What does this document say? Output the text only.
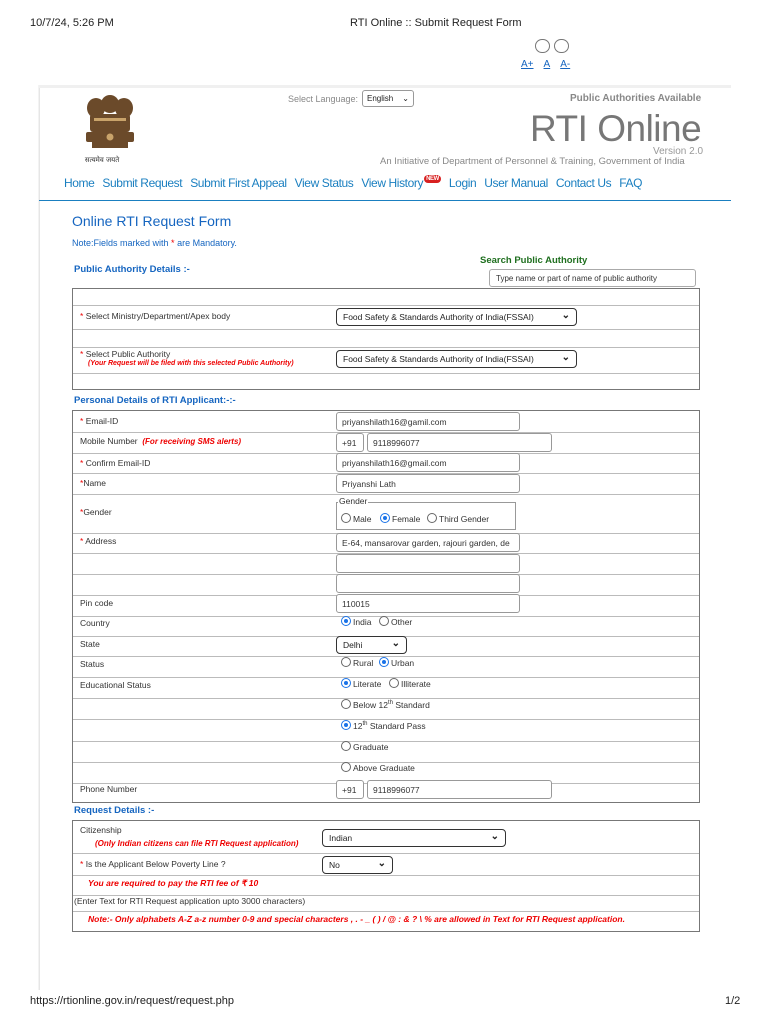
10/7/24, 5:26 PM	RTI Online :: Submit Request Form
A+ A A-
सत्यमेव जयते
Select Language:	English ⌄	Public Authorities Available
RTI Online
Version 2.0
An Initiative of Department of Personnel & Training, Government of India
Home Submit Request Submit First Appeal View Status View History NEW Login User Manual Contact Us FAQ
Online RTI Request Form
Note:Fields marked with * are Mandatory.
Public Authority Details :-
Search Public Authority
Type name or part of name of public authority
* Select Ministry/Department/Apex body	Food Safety & Standards Authority of India(FSSAI)	⌄
* Select Public Authority
(Your Request will be filed with this selected Public Authority)	Food Safety & Standards Authority of India(FSSAI)	⌄
Personal Details of RTI Applicant:-:-
* Email-ID	priyanshilath16@gamil.com
Mobile Number (For receiving SMS alerts)	+91	9118996077
* Confirm Email-ID	priyanshilath16@gmail.com
*Name	Priyanshi Lath
*Gender
Gender
Male	Female	Third Gender
* Address	E-64, mansarovar garden, rajouri garden, de
Pin code	110015
Country	India	Other
State	Delhi	⌄
Status	Rural	Urban
Educational Status	Literate	Illiterate
Below 12th Standard
12th Standard Pass
Graduate
Above Graduate
Phone Number	+91	9118996077
Request Details :-
Citizenship
(Only Indian citizens can file RTI Request application)
Indian	⌄
* Is the Applicant Below Poverty Line ?	No	⌄
You are required to pay the RTI fee of ₹ 10
(Enter Text for RTI Request application upto 3000 characters)
Note:- Only alphabets A-Z a-z number 0-9 and special characters , . - _ ( ) / @ : & ? \ % are allowed in Text for RTI Request application.
https://rtionline.gov.in/request/request.php	1/2
